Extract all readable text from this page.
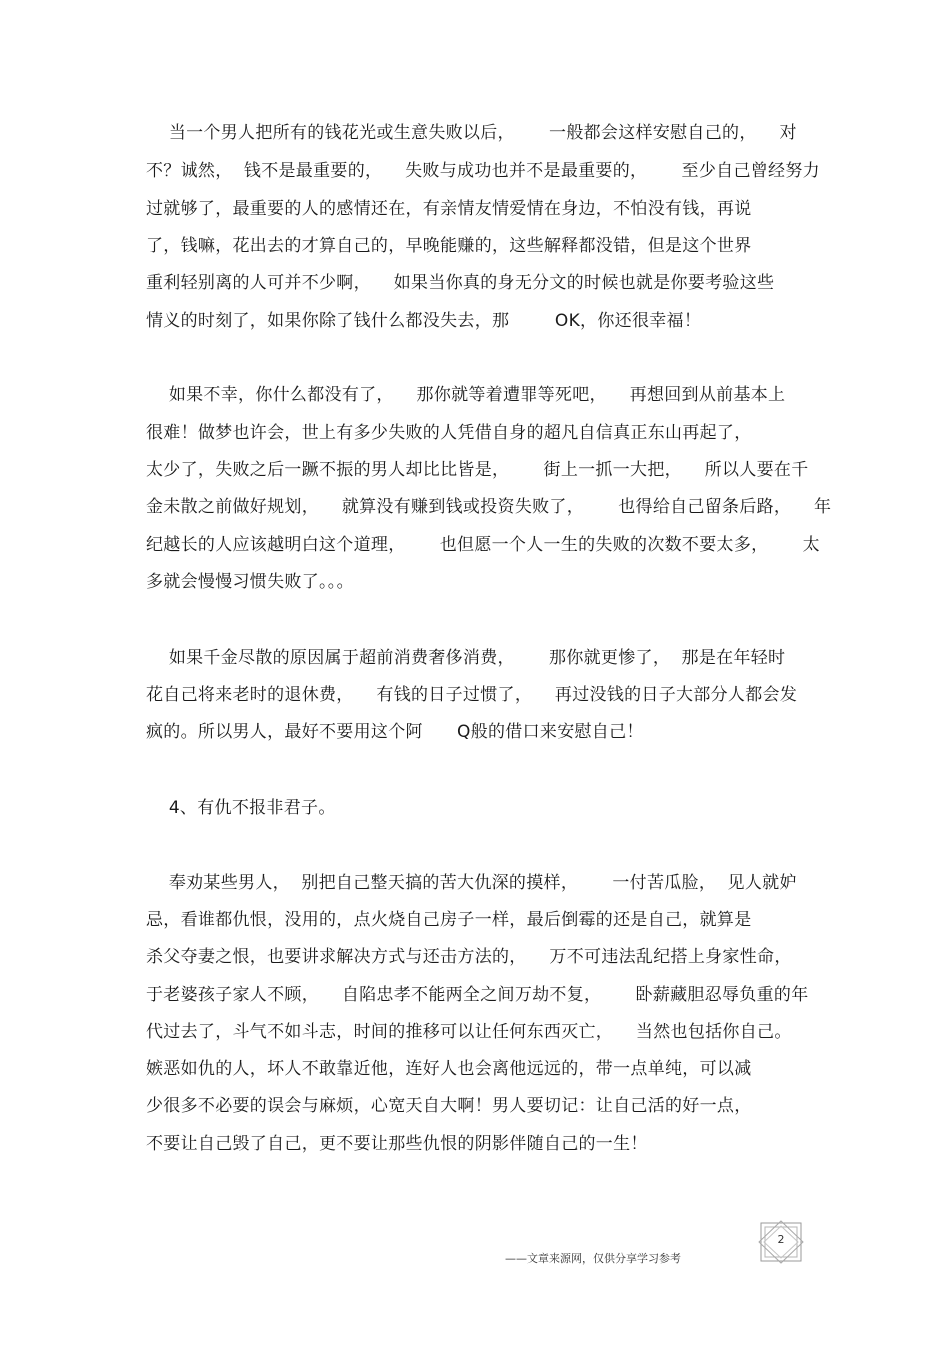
当一个男人把所有的钱花光或生意失败以后，      一般都会这样安慰自己的，    对
不？诚然，  钱不是最重要的，    失败与成功也并不是最重要的，      至少自己曾经努力
过就够了，最重要的人的感情还在，有亲情友情爱情在身边，不怕没有钱，再说
了，钱嘛，花出去的才算自己的，早晚能赚的，这些解释都没错，但是这个世界
重利轻别离的人可并不少啊，    如果当你真的身无分文的时候也就是你要考验这些
情义的时刻了，如果你除了钱什么都没失去，那        OK，你还很幸福！
如果不幸，你什么都没有了，    那你就等着遭罪等死吧，    再想回到从前基本上
很难！做梦也许会，世上有多少失败的人凭借自身的超凡自信真正东山再起了，
太少了，失败之后一蹶不振的男人却比比皆是，      街上一抓一大把，    所以人要在千
金未散之前做好规划，    就算没有赚到钱或投资失败了，      也得给自己留条后路，    年
纪越长的人应该越明白这个道理，      也但愿一个人一生的失败的次数不要太多，      太
多就会慢慢习惯失败了。。。
如果千金尽散的原因属于超前消费奢侈消费，      那你就更惨了，  那是在年轻时
花自己将来老时的退休费，    有钱的日子过惯了，    再过没钱的日子大部分人都会发
疯的。所以男人，最好不要用这个阿      Q般的借口来安慰自己！
4、有仇不报非君子。
奉劝某些男人，  别把自己整天搞的苦大仇深的摸样，      一付苦瓜脸，  见人就妒
忌，看谁都仇恨，没用的，点火烧自己房子一样，最后倒霉的还是自己，就算是
杀父夺妻之恨，也要讲求解决方式与还击方法的，    万不可违法乱纪搭上身家性命，
于老婆孩子家人不顾，    自陷忠孝不能两全之间万劫不复，      卧薪藏胆忍辱负重的年
代过去了，斗气不如斗志，时间的推移可以让任何东西灭亡，    当然也包括你自己。
嫉恶如仇的人，坏人不敢靠近他，连好人也会离他远远的，带一点单纯，可以减
少很多不必要的误会与麻烦，心宽天自大啊！男人要切记：让自己活的好一点，
不要让自己毁了自己，更不要让那些仇恨的阴影伴随自己的一生！
2
——文章来源网，仅供分享学习参考
